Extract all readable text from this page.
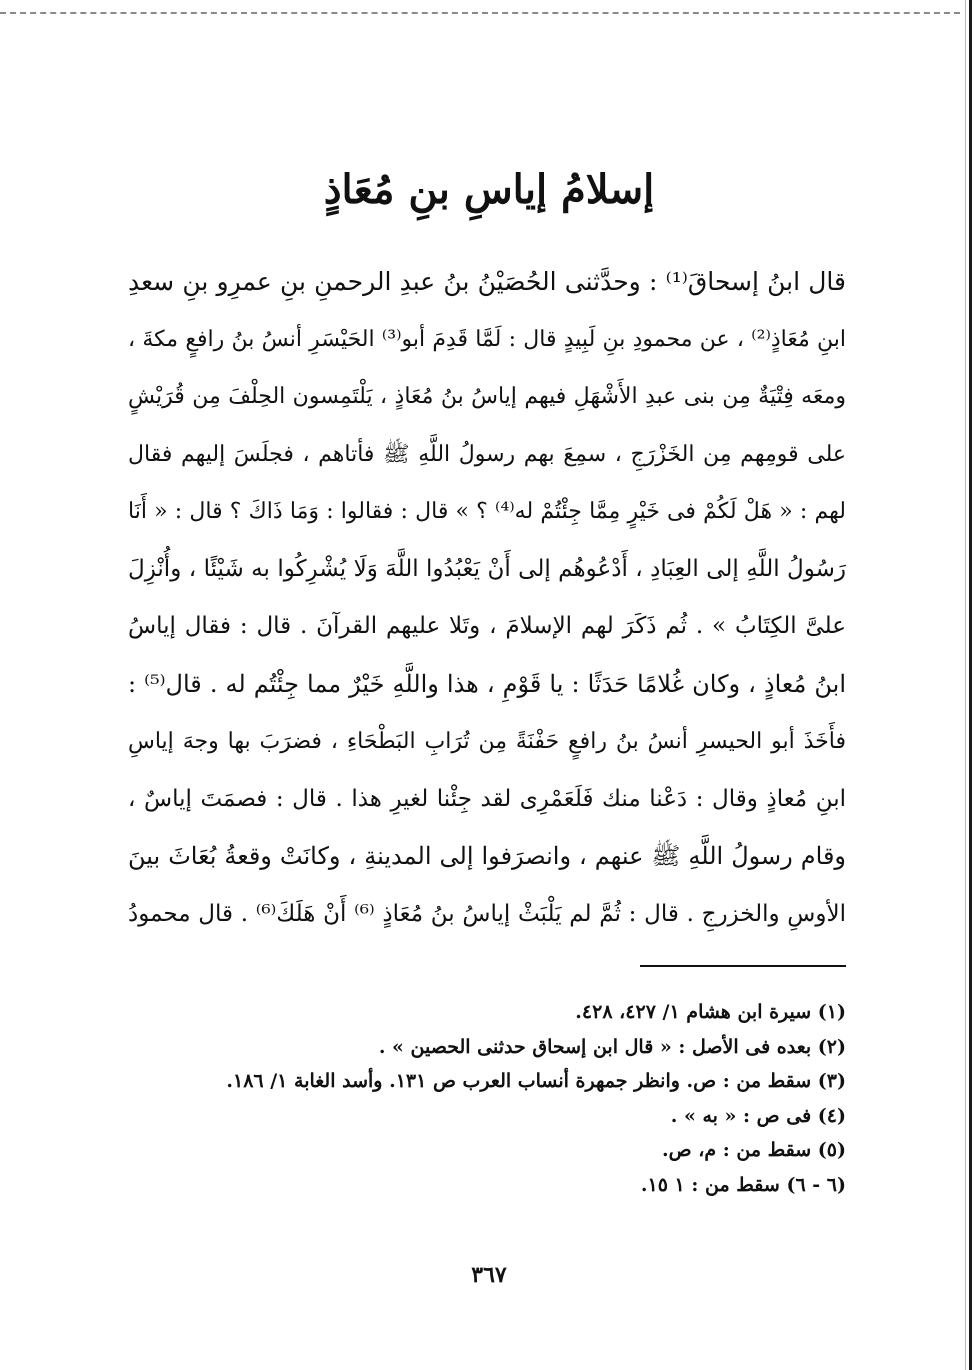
إسلامُ إياسِ بنِ مُعَاذٍ
قال ابنُ إسحاقَ⁽¹⁾ : وحدَّثنى الحُصَيْنُ بنُ عبدِ الرحمنِ بنِ عمرِو بنِ سعدِ
ابنِ مُعَاذٍ⁽²⁾ ، عن محمودِ بنِ لَبِيدٍ قال : لَمَّا قَدِمَ أبو⁽³⁾ الحَيْسَرِ أنسُ بنُ رافعٍ مكةَ ،
ومعَه فِتْيَةٌ مِن بنى عبدِ الأَشْهَلِ فيهم إياسُ بنُ مُعَاذٍ ، يَلْتَمِسون الحِلْفَ مِن قُرَيْشٍ
على قومِهم مِن الخَزْرَجِ ، سمِعَ بهم رسولُ اللَّهِ ﷺ فأتاهم ، فجلَسَ إليهم فقال
لهم : « هَلْ لَكُمْ فى خَيْرٍ مِمَّا جِئْتُمْ له⁽⁴⁾ ؟ » قال : فقالوا : وَمَا ذَاكَ ؟ قال : « أَنَا
رَسُولُ اللَّهِ إلى العِبَادِ ، أَدْعُوهُم إلى أَنْ يَعْبُدُوا اللَّهَ وَلَا يُشْرِكُوا به شَيْئًا ، وأُنْزِلَ
علىَّ الكِتَابُ » . ثُم ذَكَرَ لهم الإسلامَ ، وتَلا عليهم القرآنَ . قال : فقال إياسُ
ابنُ مُعاذٍ ، وكان غُلامًا حَدَثًا : يا قَوْمِ ، هذا واللَّهِ خَيْرٌ مما جِئْتُم له . قال⁽⁵⁾ :
فأَخَذَ أبو الحيسرِ أنسُ بنُ رافعٍ حَفْنَةً مِن تُرَابِ البَطْحَاءِ ، فضرَبَ بها وجهَ إياسِ
ابنِ مُعاذٍ وقال : دَعْنا منك فَلَعَمْرِى لقد جِئْنا لغيرِ هذا . قال : فصمَتَ إياسٌ ،
وقام رسولُ اللَّهِ ﷺ عنهم ، وانصرَفوا إلى المدينةِ ، وكانَتْ وقعةُ بُعَاثَ بينَ
الأوسِ والخزرجِ . قال : ثُمَّ لم يَلْبَثْ إياسُ بنُ مُعَاذٍ ⁽⁶⁾ أَنْ هَلَكَ⁽⁶⁾ . قال محمودُ
(١) سيرة ابن هشام ١/ ٤٢٧، ٤٢٨.
(٢) بعده فى الأصل : « قال ابن إسحاق حدثنى الحصين » .
(٣) سقط من : ص. وانظر جمهرة أنساب العرب ص ١٣١. وأسد الغابة ١/ ١٨٦.
(٤) فى ص : « به » .
(٥) سقط من : م، ص.
(٦ - ٦) سقط من : ١ ١٥.
٣٦٧
